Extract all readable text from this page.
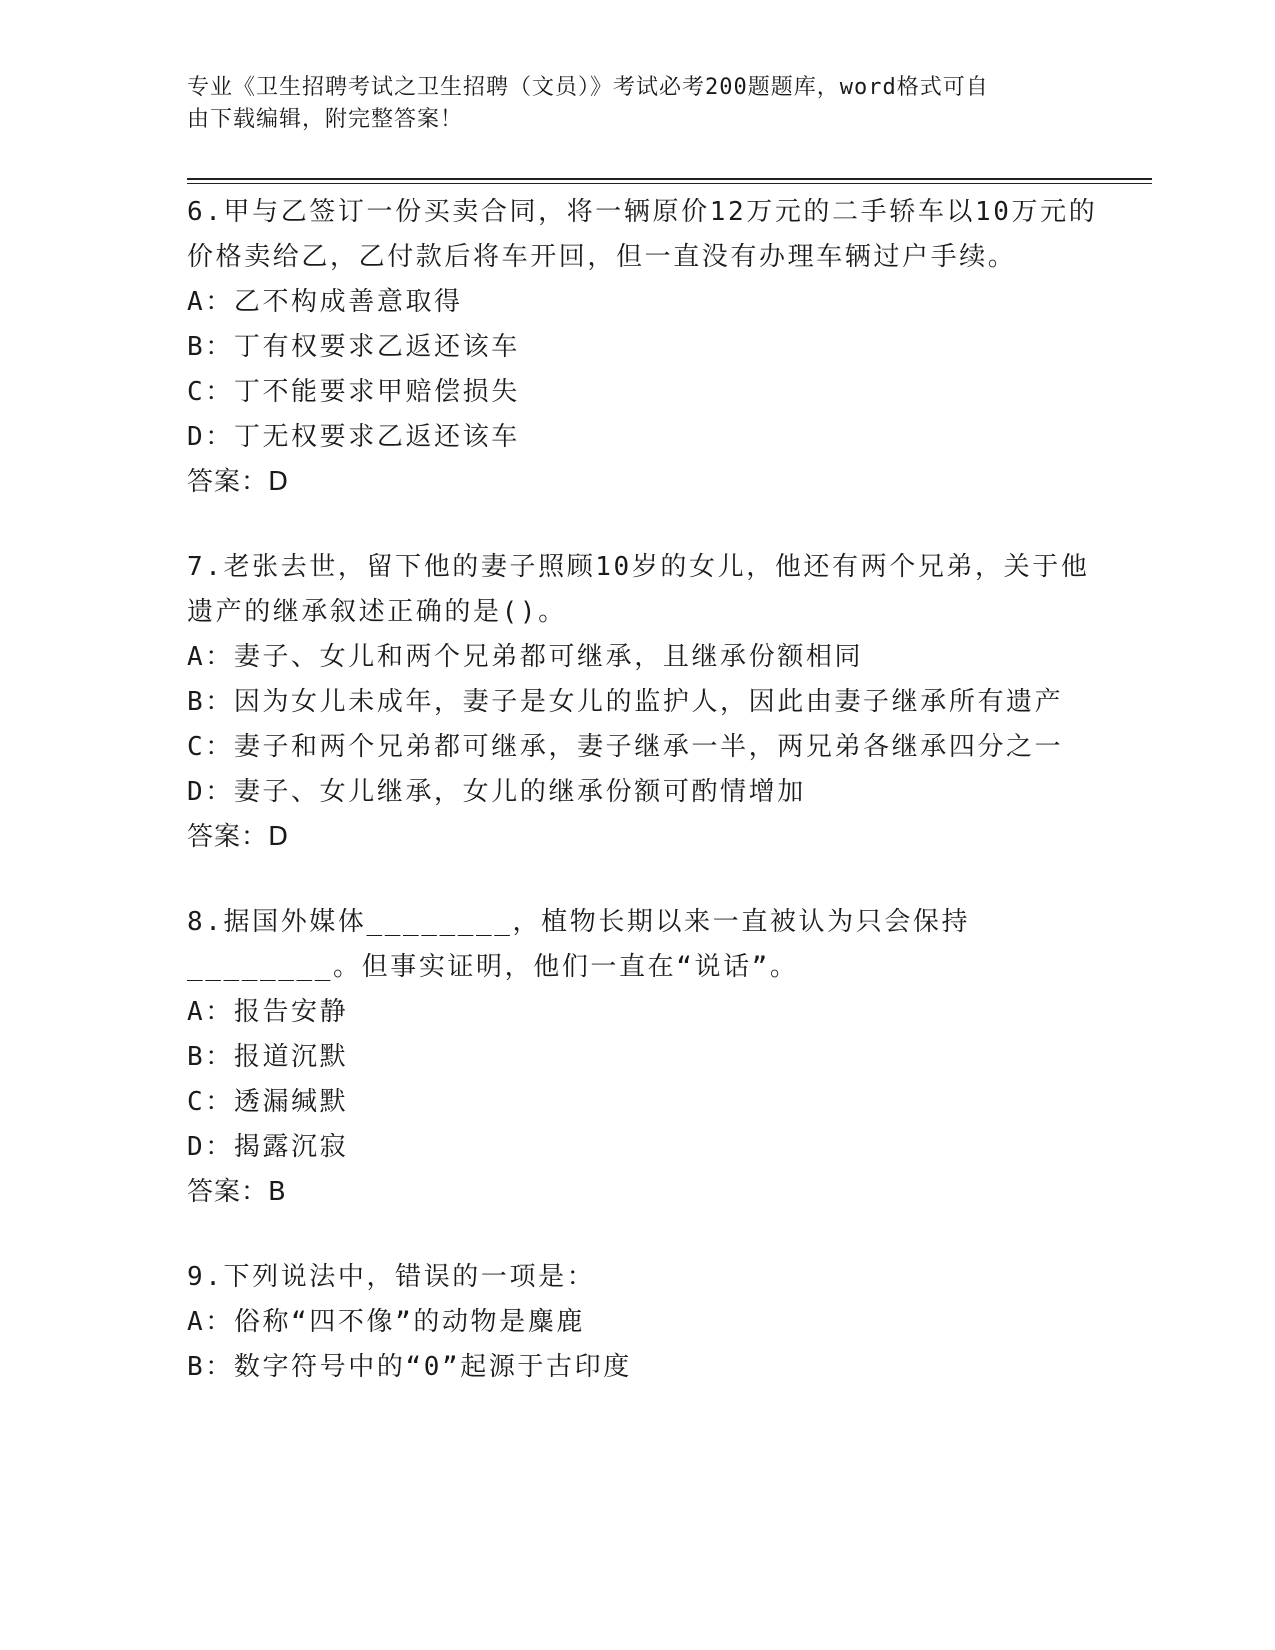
专业《卫生招聘考试之卫生招聘（文员）》考试必考200题题库，word格式可自
由下载编辑，附完整答案！
6.甲与乙签订一份买卖合同，将一辆原价12万元的二手轿车以10万元的价格卖给乙，乙付款后将车开回，但一直没有办理车辆过户手续。
A：乙不构成善意取得
B：丁有权要求乙返还该车
C：丁不能要求甲赔偿损失
D：丁无权要求乙返还该车
答案：D
7.老张去世，留下他的妻子照顾10岁的女儿，他还有两个兄弟，关于他遗产的继承叙述正确的是()。
A：妻子、女儿和两个兄弟都可继承，且继承份额相同
B：因为女儿未成年，妻子是女儿的监护人，因此由妻子继承所有遗产
C：妻子和两个兄弟都可继承，妻子继承一半，两兄弟各继承四分之一
D：妻子、女儿继承，女儿的继承份额可酌情增加
答案：D
8.据国外媒体________，植物长期以来一直被认为只会保持________。但事实证明，他们一直在“说话”。
A：报告安静
B：报道沉默
C：透漏缄默
D：揭露沉寂
答案：B
9.下列说法中，错误的一项是：
A：俗称“四不像”的动物是麋鹿
B：数字符号中的“0”起源于古印度
